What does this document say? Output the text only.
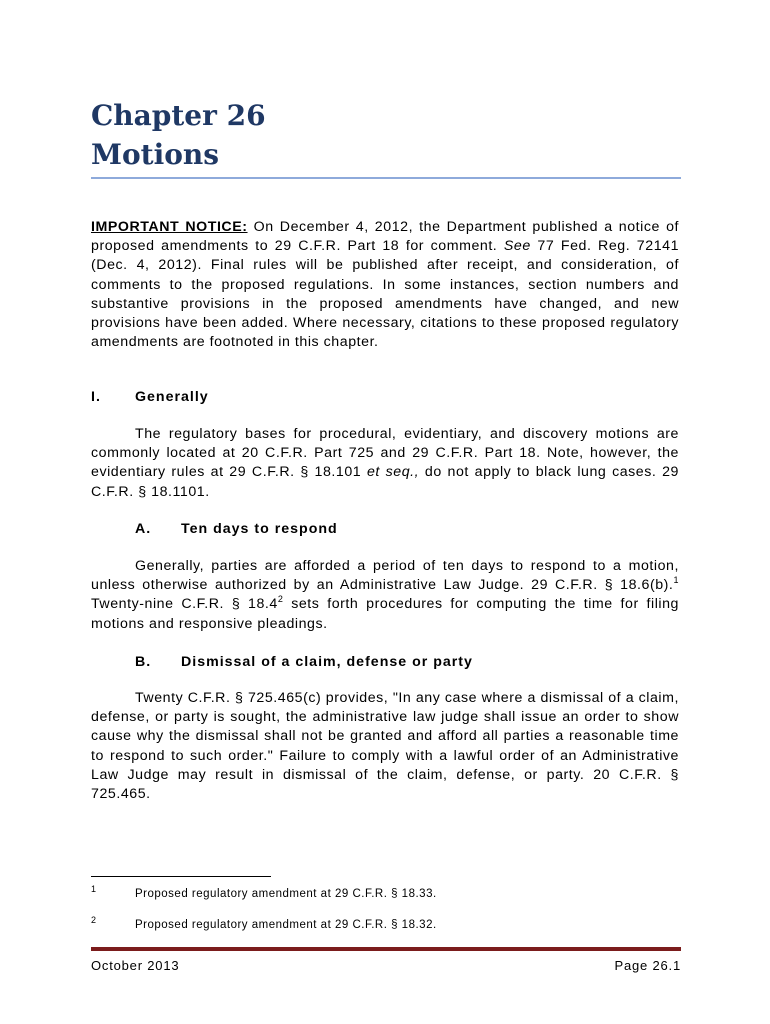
Chapter 26
Motions

IMPORTANT NOTICE: On December 4, 2012, the Department published a notice of proposed amendments to 29 C.F.R. Part 18 for comment. See 77 Fed. Reg. 72141 (Dec. 4, 2012). Final rules will be published after receipt, and consideration, of comments to the proposed regulations. In some instances, section numbers and substantive provisions in the proposed amendments have changed, and new provisions have been added. Where necessary, citations to these proposed regulatory amendments are footnoted in this chapter.

I. Generally

The regulatory bases for procedural, evidentiary, and discovery motions are commonly located at 20 C.F.R. Part 725 and 29 C.F.R. Part 18. Note, however, the evidentiary rules at 29 C.F.R. § 18.101 et seq., do not apply to black lung cases. 29 C.F.R. § 18.1101.

A. Ten days to respond

Generally, parties are afforded a period of ten days to respond to a motion, unless otherwise authorized by an Administrative Law Judge. 29 C.F.R. § 18.6(b).$^1$ Twenty-nine C.F.R. § 18.4$^2$ sets forth procedures for computing the time for filing motions and responsive pleadings.

B. Dismissal of a claim, defense or party

Twenty C.F.R. § 725.465(c) provides, "In any case where a dismissal of a claim, defense, or party is sought, the administrative law judge shall issue an order to show cause why the dismissal shall not be granted and afford all parties a reasonable time to respond to such order." Failure to comply with a lawful order of an Administrative Law Judge may result in dismissal of the claim, defense, or party. 20 C.F.R. § 725.465.

1	Proposed regulatory amendment at 29 C.F.R. § 18.33.
2	Proposed regulatory amendment at 29 C.F.R. § 18.32.
October 2013	Page 26.1
